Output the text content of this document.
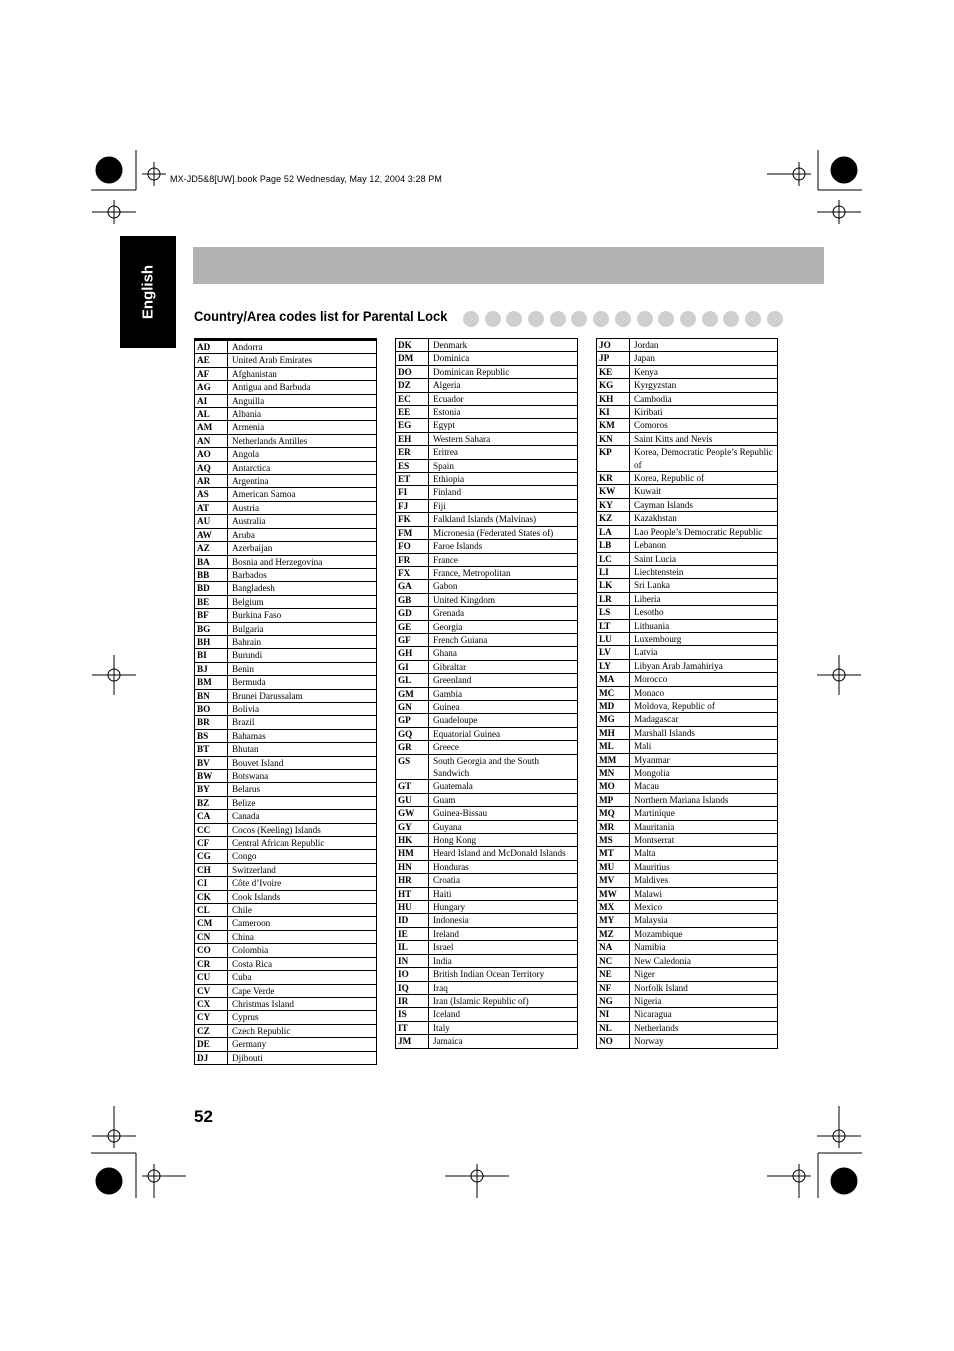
MX-JD5&8[UW].book Page 52 Wednesday, May 12, 2004 3:28 PM
English	Country/Area codes list for Parental Lock
AD	Andorra
AE	United Arab Emirates
AF	Afghanistan
AG	Antigua and Barbuda
AI	Anguilla
AL	Albania
AM	Armenia
AN	Netherlands Antilles
AO	Angola
AQ	Antarctica
AR	Argentina
AS	American Samoa
AT	Austria
AU	Australia
AW	Aruba
AZ	Azerbaijan
BA	Bosnia and Herzegovina
BB	Barbados
BD	Bangladesh
BE	Belgium
BF	Burkina Faso
BG	Bulgaria
BH	Bahrain
BI	Burundi
BJ	Benin
BM	Bermuda
BN	Brunei Darussalam
BO	Bolivia
BR	Brazil
BS	Bahamas
BT	Bhutan
BV	Bouvet Island
BW	Botswana
BY	Belarus
BZ	Belize
CA	Canada
CC	Cocos (Keeling) Islands
CF	Central African Republic
CG	Congo
CH	Switzerland
CI	Côte d’Ivoire
CK	Cook Islands
CL	Chile
CM	Cameroon
CN	China
CO	Colombia
CR	Costa Rica
CU	Cuba
CV	Cape Verde
CX	Christmas Island
CY	Cyprus
CZ	Czech Republic
DE	Germany
DJ	Djibouti
DK	Denmark
DM	Dominica
DO	Dominican Republic
DZ	Algeria
EC	Ecuador
EE	Estonia
EG	Egypt
EH	Western Sahara
ER	Eritrea
ES	Spain
ET	Ethiopia
FI	Finland
FJ	Fiji
FK	Falkland Islands (Malvinas)
FM	Micronesia (Federated States of)
FO	Faroe Islands
FR	France
FX	France, Metropolitan
GA	Gabon
GB	United Kingdom
GD	Grenada
GE	Georgia
GF	French Guiana
GH	Ghana
GI	Gibraltar
GL	Greenland
GM	Gambia
GN	Guinea
GP	Guadeloupe
GQ	Equatorial Guinea
GR	Greece
GS	South Georgia and the South Sandwich
GT	Guatemala
GU	Guam
GW	Guinea-Bissau
GY	Guyana
HK	Hong Kong
HM	Heard Island and McDonald Islands
HN	Honduras
HR	Croatia
HT	Haiti
HU	Hungary
ID	Indonesia
IE	Ireland
IL	Israel
IN	India
IO	British Indian Ocean Territory
IQ	Iraq
IR	Iran (Islamic Republic of)
IS	Iceland
IT	Italy
JM	Jamaica
JO	Jordan
JP	Japan
KE	Kenya
KG	Kyrgyzstan
KH	Cambodia
KI	Kiribati
KM	Comoros
KN	Saint Kitts and Nevis
KP	Korea, Democratic People’s Republic of
KR	Korea, Republic of
KW	Kuwait
KY	Cayman Islands
KZ	Kazakhstan
LA	Lao People’s Democratic Republic
LB	Lebanon
LC	Saint Lucia
LI	Liechtenstein
LK	Sri Lanka
LR	Liberia
LS	Lesotho
LT	Lithuania
LU	Luxembourg
LV	Latvia
LY	Libyan Arab Jamahiriya
MA	Morocco
MC	Monaco
MD	Moldova, Republic of
MG	Madagascar
MH	Marshall Islands
ML	Mali
MM	Myanmar
MN	Mongolia
MO	Macau
MP	Northern Mariana Islands
MQ	Martinique
MR	Mauritania
MS	Montserrat
MT	Malta
MU	Mauritius
MV	Maldives
MW	Malawi
MX	Mexico
MY	Malaysia
MZ	Mozambique
NA	Namibia
NC	New Caledonia
NE	Niger
NF	Norfolk Island
NG	Nigeria
NI	Nicaragua
NL	Netherlands
NO	Norway
52
